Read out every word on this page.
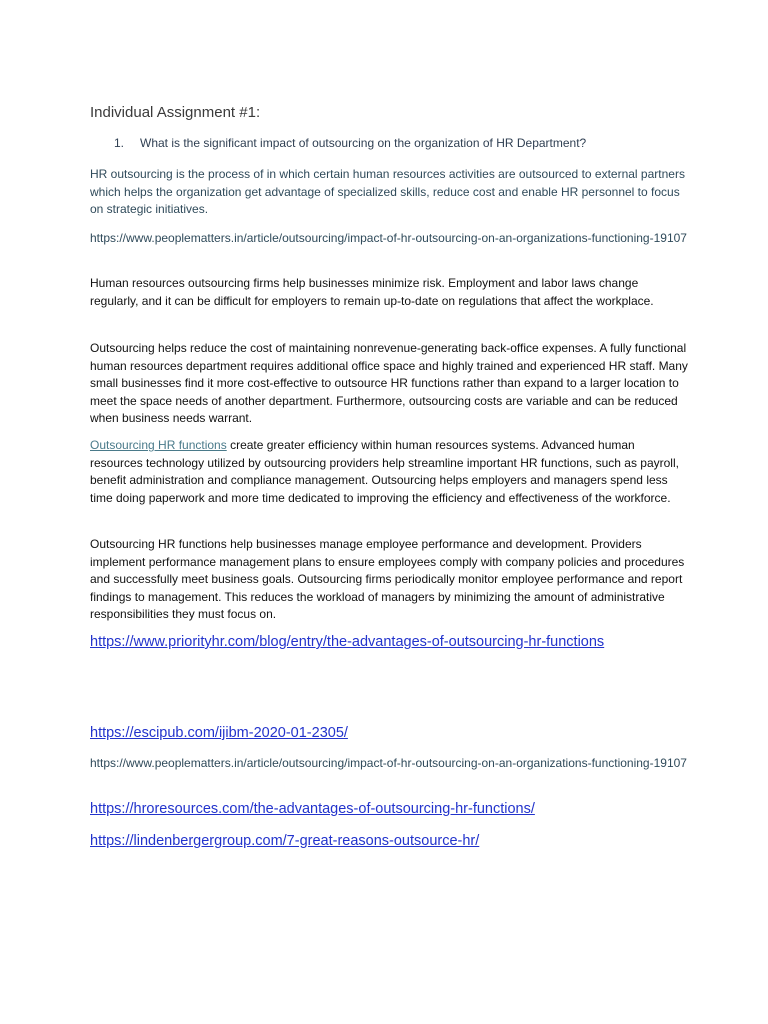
Individual Assignment #1:
1.	What is the significant impact of outsourcing on the organization of HR Department?

HR outsourcing is the process of in which certain human resources activities are outsourced to external partners which helps the organization get advantage of specialized skills, reduce cost and enable HR personnel to focus on strategic initiatives.

https://www.peoplematters.in/article/outsourcing/impact-of-hr-outsourcing-on-an-organizations-functioning-19107

Human resources outsourcing firms help businesses minimize risk. Employment and labor laws change regularly, and it can be difficult for employers to remain up-to-date on regulations that affect the workplace.

Outsourcing helps reduce the cost of maintaining nonrevenue-generating back-office expenses. A fully functional human resources department requires additional office space and highly trained and experienced HR staff. Many small businesses find it more cost-effective to outsource HR functions rather than expand to a larger location to meet the space needs of another department. Furthermore, outsourcing costs are variable and can be reduced when business needs warrant.

Outsourcing HR functions create greater efficiency within human resources systems. Advanced human resources technology utilized by outsourcing providers help streamline important HR functions, such as payroll, benefit administration and compliance management. Outsourcing helps employers and managers spend less time doing paperwork and more time dedicated to improving the efficiency and effectiveness of the workforce.

Outsourcing HR functions help businesses manage employee performance and development. Providers implement performance management plans to ensure employees comply with company policies and procedures and successfully meet business goals. Outsourcing firms periodically monitor employee performance and report findings to management. This reduces the workload of managers by minimizing the amount of administrative responsibilities they must focus on.

https://www.priorityhr.com/blog/entry/the-advantages-of-outsourcing-hr-functions
https://escipub.com/ijibm-2020-01-2305/

https://www.peoplematters.in/article/outsourcing/impact-of-hr-outsourcing-on-an-organizations-functioning-19107

https://hroresources.com/the-advantages-of-outsourcing-hr-functions/
https://lindenbergergroup.com/7-great-reasons-outsource-hr/
